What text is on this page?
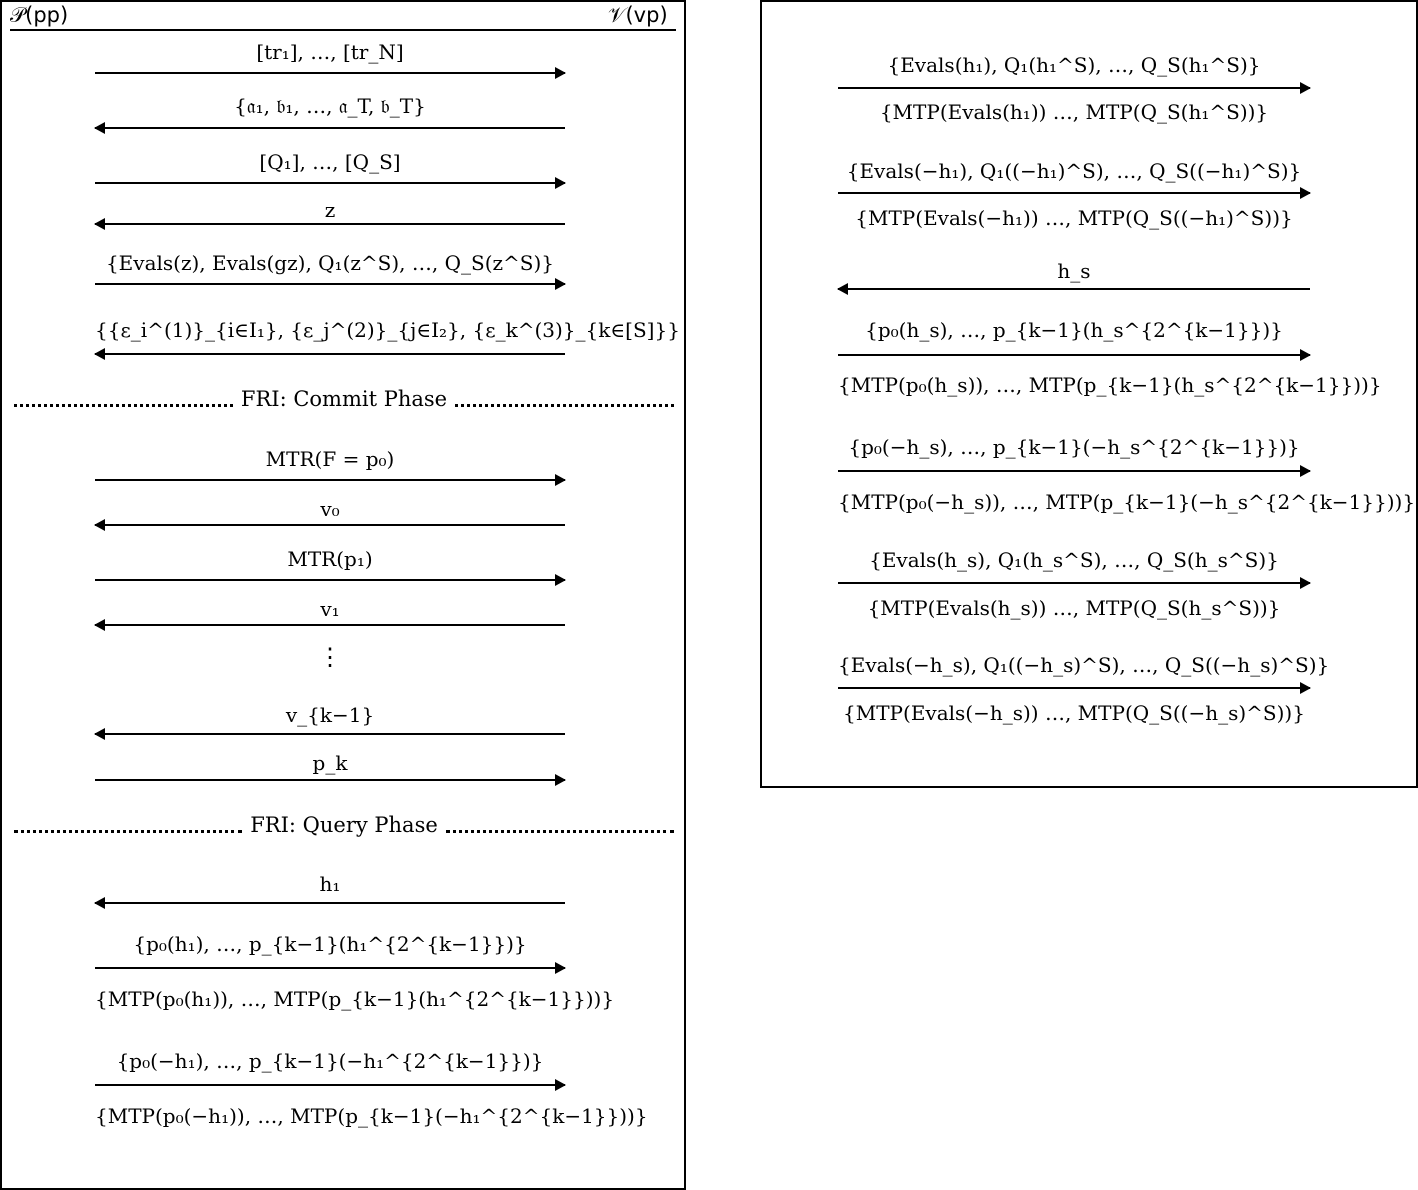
𝒫(pp)	𝒱(vp)
[tr₁], …, [tr_N]
{𝔞₁, 𝔟₁, …, 𝔞_T, 𝔟_T}
[Q₁], …, [Q_S]
z
{Evals(z), Evals(gz), Q₁(z^S), …, Q_S(z^S)}
{{ε_i^(1)}_{i∈I₁}, {ε_j^(2)}_{j∈I₂}, {ε_k^(3)}_{k∈[S]}}
FRI: Commit Phase
MTR(F = p₀)
v₀
MTR(p₁)
v₁
⋮
v_{k−1}
p_k
FRI: Query Phase
h₁
{p₀(h₁), …, p_{k−1}(h₁^{2^{k−1}})}
{MTP(p₀(h₁)), …, MTP(p_{k−1}(h₁^{2^{k−1}}))}
{p₀(−h₁), …, p_{k−1}(−h₁^{2^{k−1}})}
{MTP(p₀(−h₁)), …, MTP(p_{k−1}(−h₁^{2^{k−1}}))}
{Evals(h₁), Q₁(h₁^S), …, Q_S(h₁^S)}
{MTP(Evals(h₁)) …, MTP(Q_S(h₁^S))}
{Evals(−h₁), Q₁((−h₁)^S), …, Q_S((−h₁)^S)}
{MTP(Evals(−h₁)) …, MTP(Q_S((−h₁)^S))}
h_s
{p₀(h_s), …, p_{k−1}(h_s^{2^{k−1}})}
{MTP(p₀(h_s)), …, MTP(p_{k−1}(h_s^{2^{k−1}}))}
{p₀(−h_s), …, p_{k−1}(−h_s^{2^{k−1}})}
{MTP(p₀(−h_s)), …, MTP(p_{k−1}(−h_s^{2^{k−1}}))}
{Evals(h_s), Q₁(h_s^S), …, Q_S(h_s^S)}
{MTP(Evals(h_s)) …, MTP(Q_S(h_s^S))}
{Evals(−h_s), Q₁((−h_s)^S), …, Q_S((−h_s)^S)}
{MTP(Evals(−h_s)) …, MTP(Q_S((−h_s)^S))}
